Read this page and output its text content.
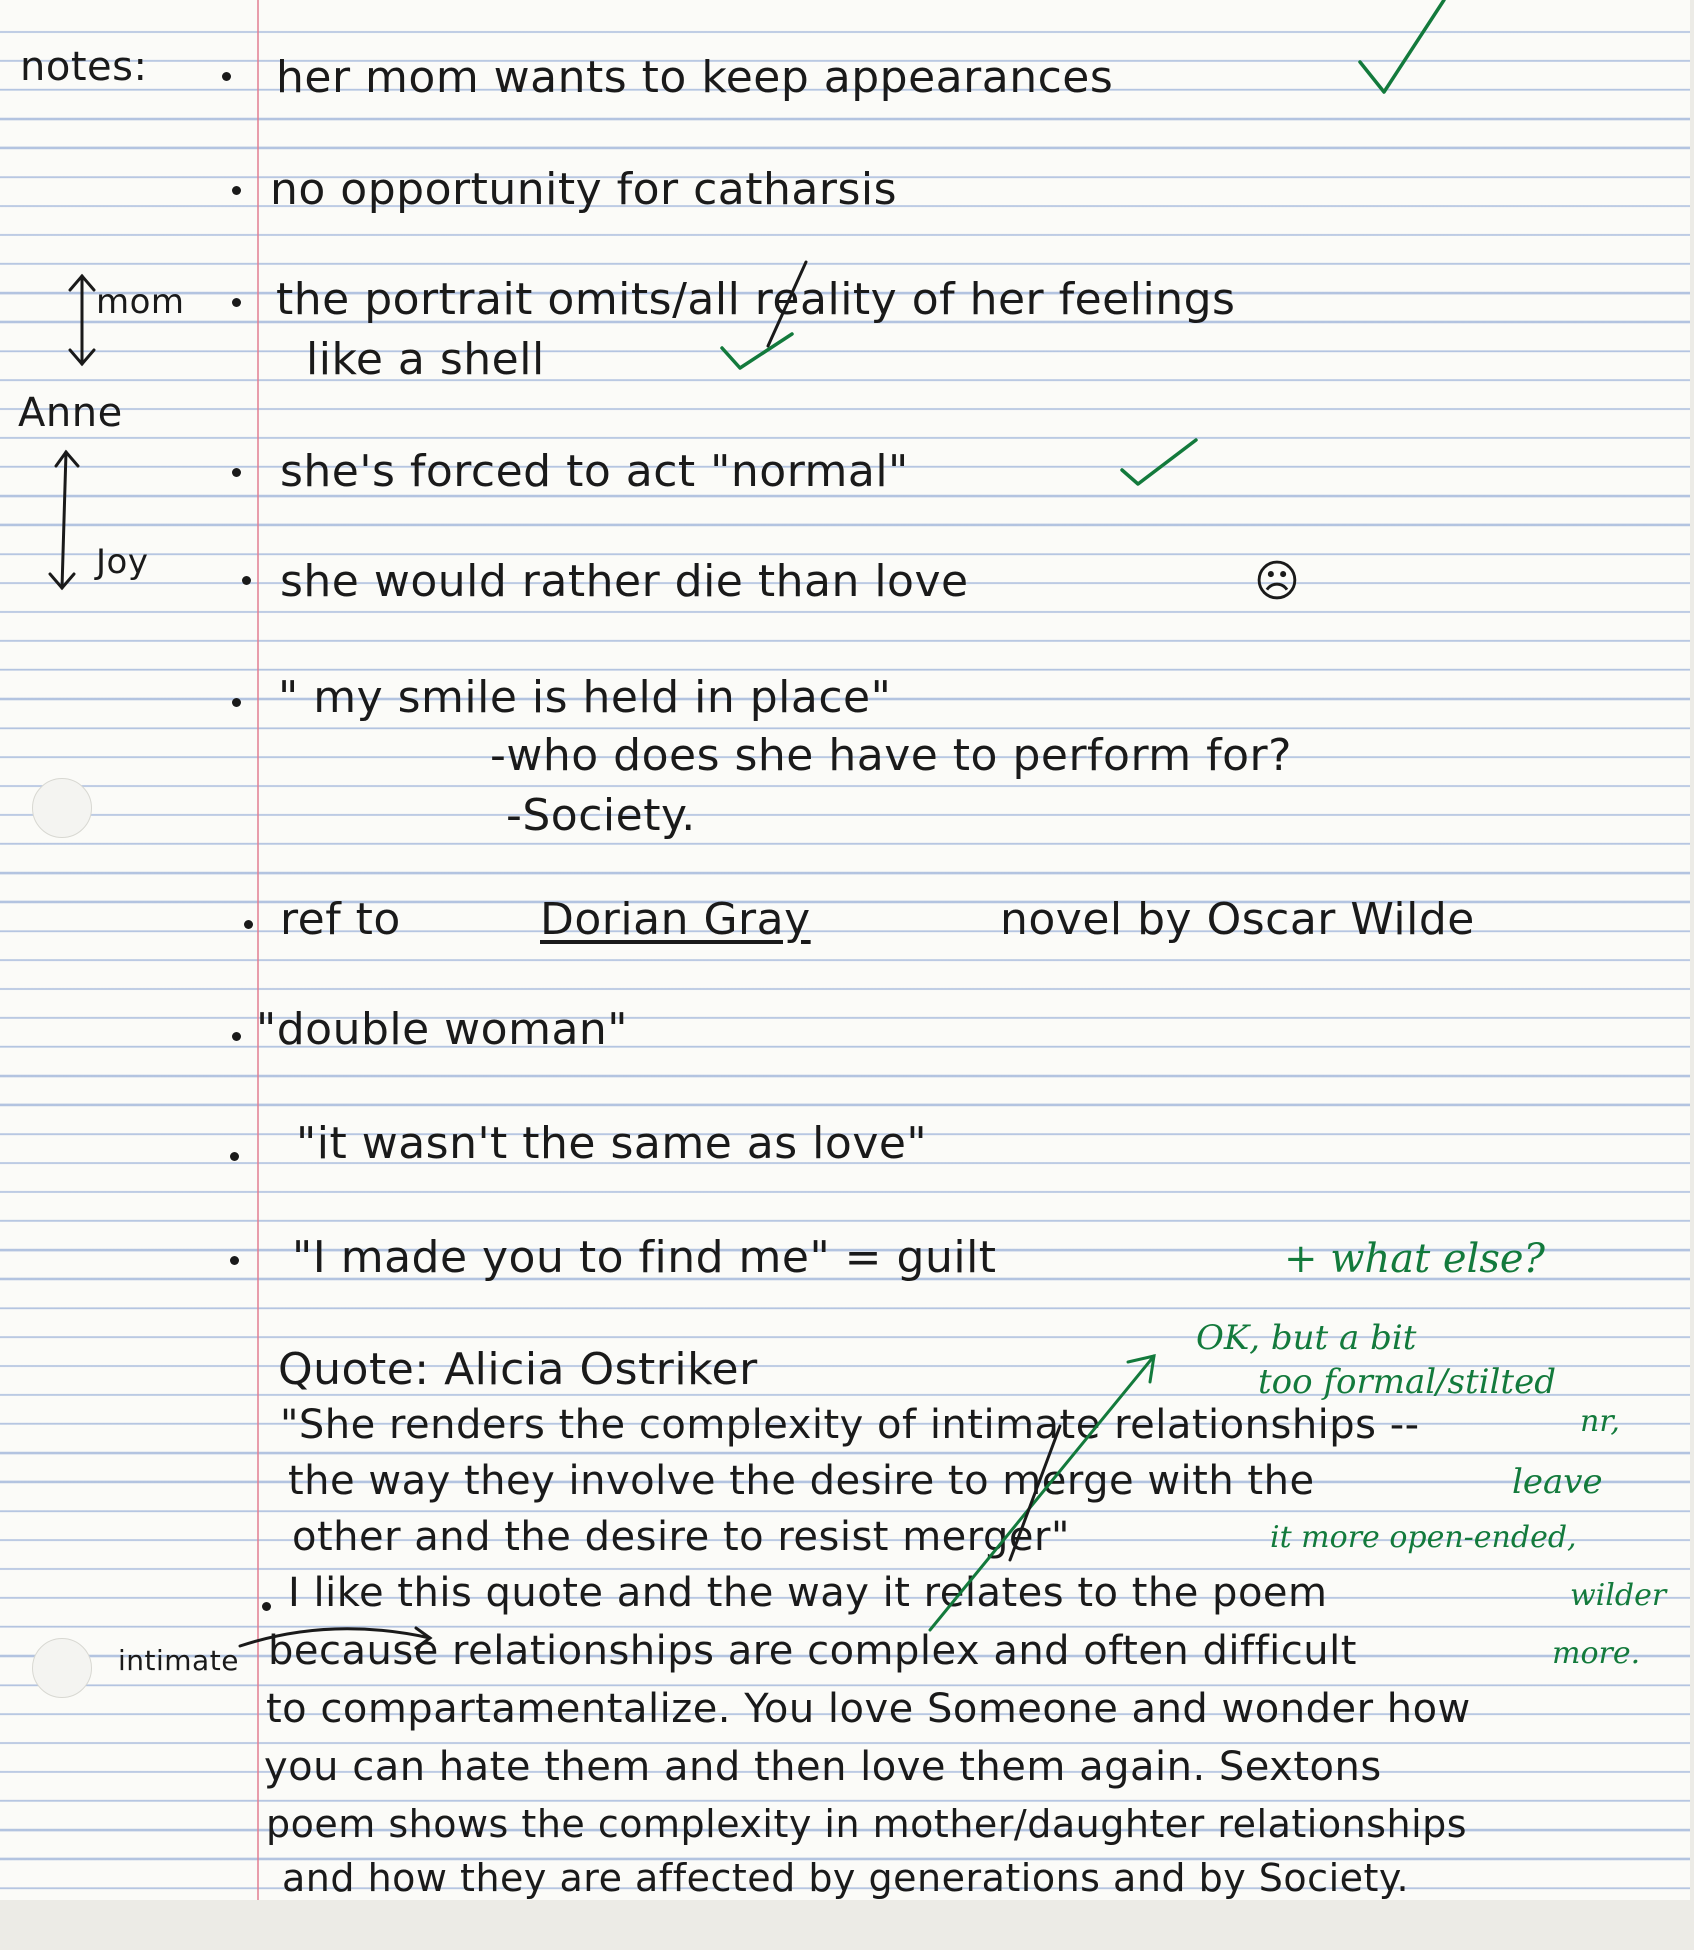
notes:
mom
Anne
Joy
intimate
her mom wants to keep appearances
no opportunity for catharsis
the portrait omits/all reality of her feelings
like a shell
she's forced to act "normal"
she would rather die than love	☹
" my smile is held in place"
-who does she have to perform for?
-Society.
ref to	Dorian Gray	novel by Oscar Wilde
"double woman"
"it wasn't the same as love"
"I made you to find me" = guilt	+ what else?
Quote: Alicia Ostriker
"She renders the complexity of intimate relationships --
the way they involve the desire to merge with the
other and the desire to resist merger"
OK, but a bit
too formal/stilted
nr,
leave
it more open-ended,
wilder
more.
I like this quote and the way it relates to the poem
because relationships are complex and often difficult
to compartamentalize. You love Someone and wonder how
you can hate them and then love them again. Sextons
poem shows the complexity in mother/daughter relationships
and how they are affected by generations and by Society.
